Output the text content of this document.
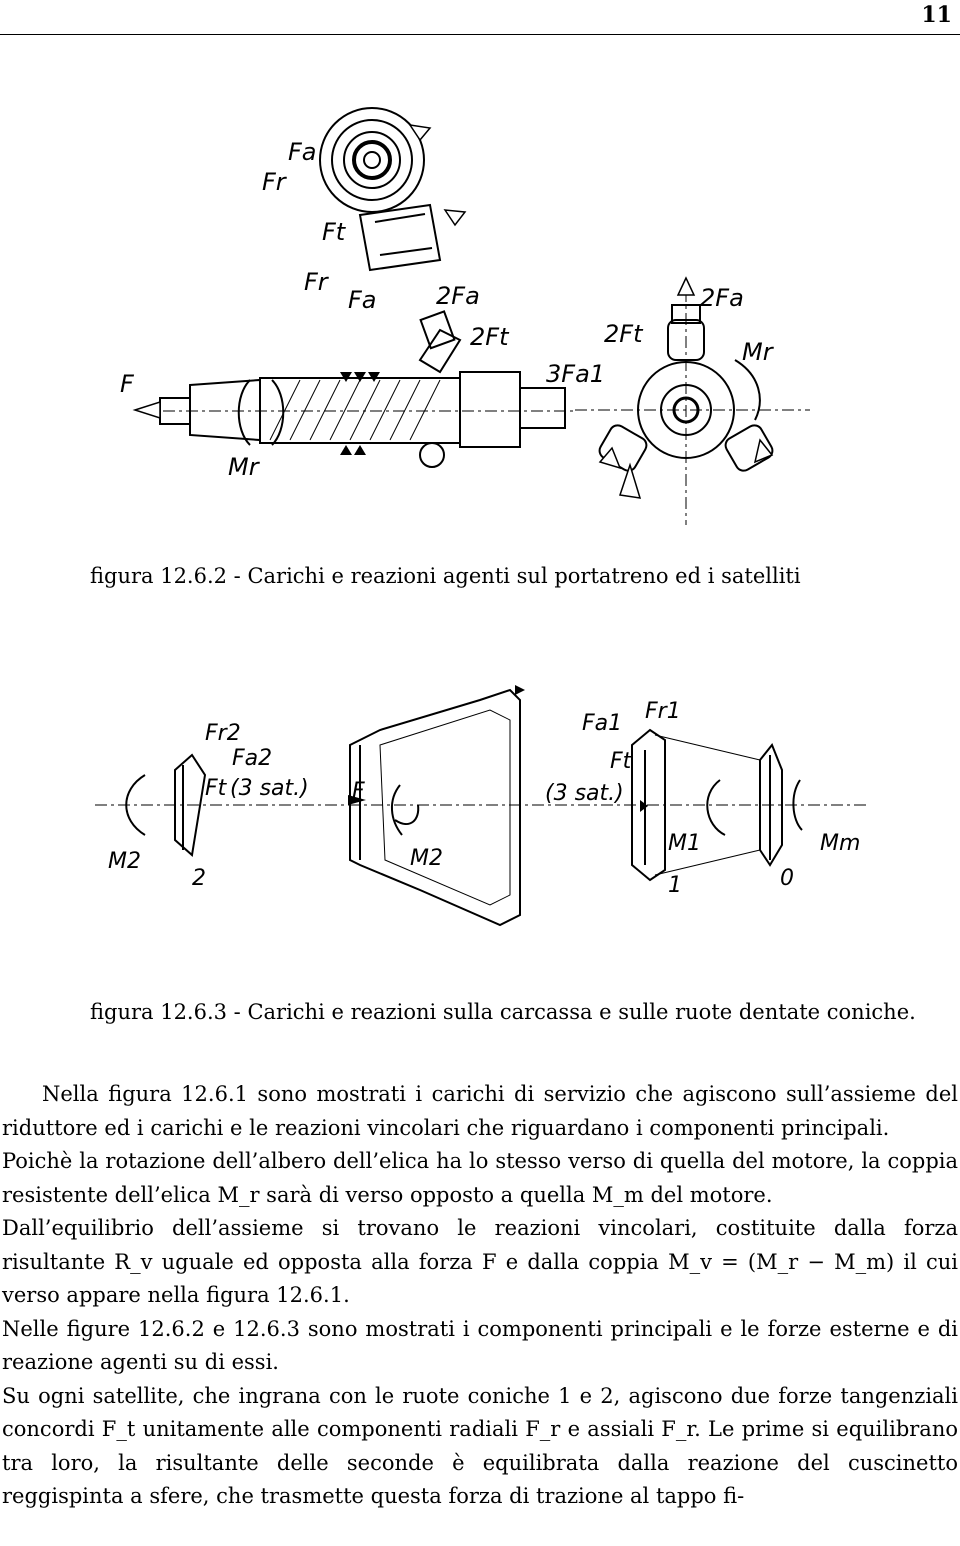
11
Fa
Fr
Ft
Fr
Fa 2Fa
2Ft
F	3Fa1
Mr
2Fa
2Ft
Mr
figura 12.6.2 - Carichi e reazioni agenti sul portatreno ed i satelliti
Fr2
Fa2
Ft (3 sat.)
M2
2
F
M2
Fa1 Fr1
Ft
(3 sat.)
M1
1	0
Mm
figura 12.6.3 - Carichi e reazioni sulla carcassa e sulle ruote dentate coniche.

Nella figura 12.6.1 sono mostrati i carichi di servizio che agiscono sull’assieme del riduttore ed i carichi e le reazioni vincolari che riguardano i componenti principali.

Poichè la rotazione dell’albero dell’elica ha lo stesso verso di quella del motore, la coppia resistente dell’elica M_r sarà di verso opposto a quella M_m del motore.

Dall’equilibrio dell’assieme si trovano le reazioni vincolari, costituite dalla forza risultante R_v uguale ed opposta alla forza F e dalla coppia M_v = (M_r − M_m) il cui verso appare nella figura 12.6.1.

Nelle figure 12.6.2 e 12.6.3 sono mostrati i componenti principali e le forze esterne e di reazione agenti su di essi.

Su ogni satellite, che ingrana con le ruote coniche 1 e 2, agiscono due forze tangenziali concordi F_t unitamente alle componenti radiali F_r e assiali F_r. Le prime si equilibrano tra loro, la risultante delle seconde è equilibrata dalla reazione del cuscinetto reggispinta a sfere, che trasmette questa forza di trazione al tappo fi-
